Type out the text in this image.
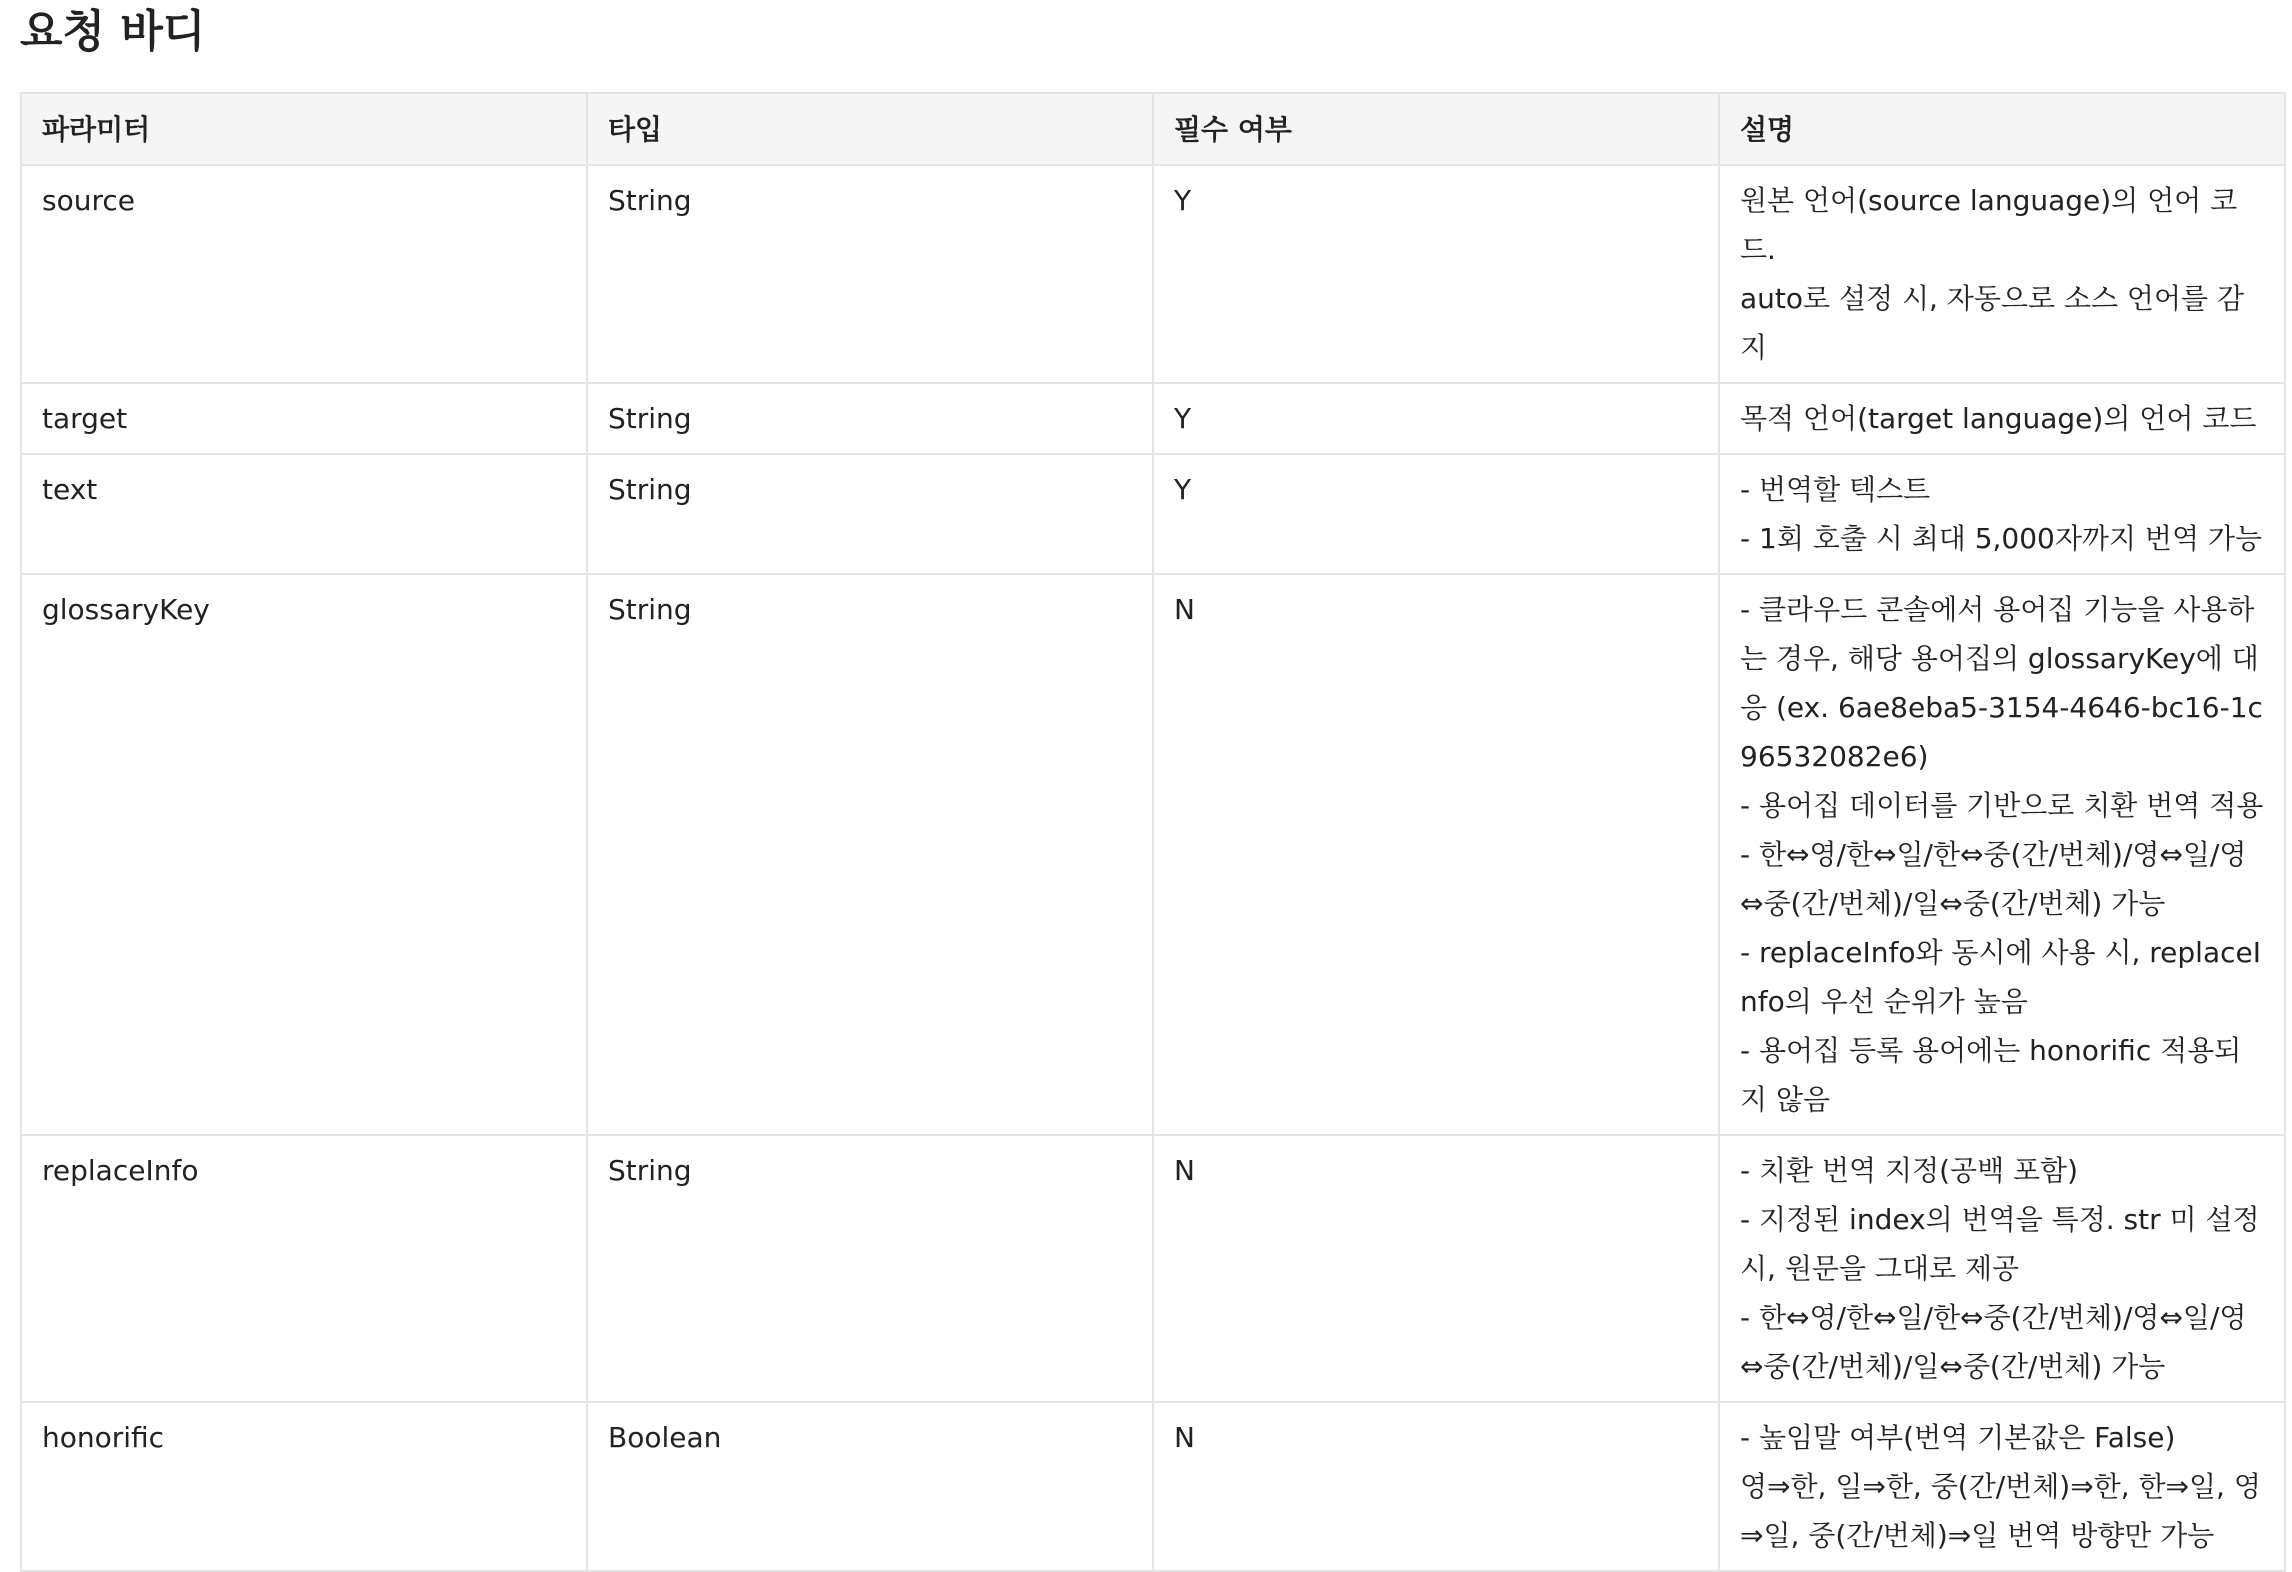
요청 바디
파라미터	타입	필수 여부	설명
source	String	Y	원본 언어(source language)의 언어 코드.
auto로 설정 시, 자동으로 소스 언어를 감지

target	String	Y	목적 언어(target language)의 언어 코드

text	String	Y	- 번역할 텍스트
- 1회 호출 시 최대 5,000자까지 번역 가능

glossaryKey	String	N	- 클라우드 콘솔에서 용어집 기능을 사용하는 경우, 해당 용어집의 glossaryKey에 대응 (ex. 6ae8eba5-3154-4646-bc16-1c96532082e6)
- 용어집 데이터를 기반으로 치환 번역 적용
- 한⇔영/한⇔일/한⇔중(간/번체)/영⇔일/영⇔중(간/번체)/일⇔중(간/번체) 가능
- replaceInfo와 동시에 사용 시, replaceInfo의 우선 순위가 높음
- 용어집 등록 용어에는 honorific 적용되지 않음

replaceInfo	String	N	- 치환 번역 지정(공백 포함)
- 지정된 index의 번역을 특정. str 미 설정 시, 원문을 그대로 제공
- 한⇔영/한⇔일/한⇔중(간/번체)/영⇔일/영⇔중(간/번체)/일⇔중(간/번체) 가능

honorific	Boolean	N	- 높임말 여부(번역 기본값은 False)
영⇒한, 일⇒한, 중(간/번체)⇒한, 한⇒일, 영⇒일, 중(간/번체)⇒일 번역 방향만 가능
